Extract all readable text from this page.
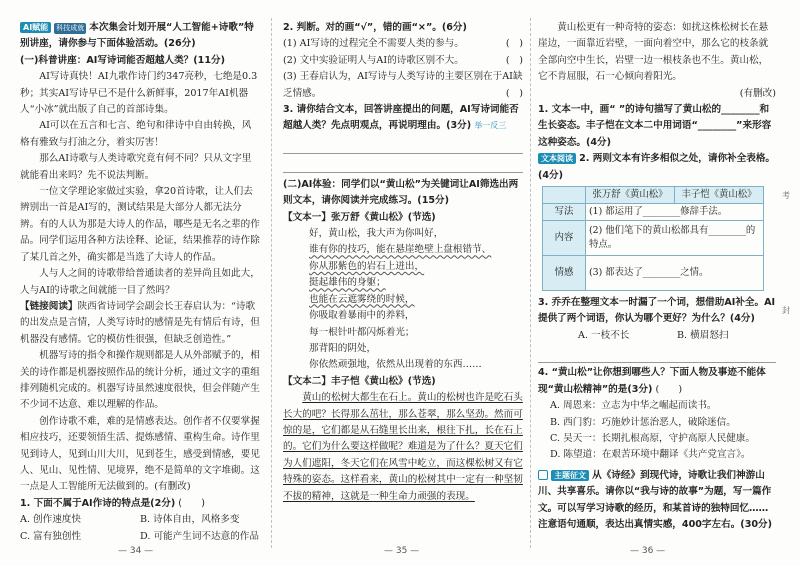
AI赋能 科技成就 本次集会计划开展“人工智能+诗歌”特别讲座，请你参与下面体验活动。(26分)

(一)科普讲座：AI写诗词能否超越人类？(11分)

AI写诗真快！AI九歌作诗门约347亮秒，七绝是0.3秒；其实AI写诗早已不是什么新鲜事，2017年AI机器人“小冰”就出版了自己的首部诗集。

AI可以在五言和七言、绝句和律诗中自由转换，风格有雅致与打油之分，着实厉害！

那么AI诗歌与人类诗歌究竟有何不同？只从文字里就能看出来吗？先不说法判断。

一位文学理论家做过实验，拿20首诗歌，让人们去辨别出一首是AI写的，测试结果是大部分人都无法分辨。有的人认为那是大诗人的作品，哪些是无名之辈的作品。同学们运用各种方法诠释、论证，结果推荐的诗作除了某几首之外，确实都是当选了大诗人的作品。

人与人之间的诗歌带给普通读者的差异尚且如此大，人与AI的诗歌之间就能一目了然吗？

【链接阅读】陕西省诗词学会副会长王春启认为：“诗歌的出发点是言情，人类写诗时的感情是先有情后有诗，但机器没有感情。它的模仿性很强，但缺乏创造性。”

机器写诗的指令和操作规则都是人从外部赋予的，相关的诗作都是机器按照作品的统计分析，通过文字的重组排列随机完成的。机器写诗虽然速度很快，但会伴随产生不少词不达意、难以理解的作品。

创作诗歌不难，难的是情感表达。创作者不仅要掌握相应技巧，还要领悟生活、提炼感情、重构生命。诗作里见到诗人，见到山川大川，见到苍生，感受到情感，要见人、见山、见性情、见境界，绝不是简单的文字堆砌。这一点是人工智能所无法做到的。(有删改)

1. 下面不属于AI作诗的特点是(2分) (　　)

A. 创作速度快	B. 诗体自由，风格多变
C. 富有独创性	D. 可能产生词不达意的作品
— 34 —

2. 判断。对的画“√”，错的画“×”。(6分)

(1) AI写诗的过程完全不需要人类的参与。	(　)

(2) 文中实验证明人与AI的诗歌区别不大。	(　)

(3) 王春启认为，AI写诗与人类写诗的主要区别在于AI缺乏情感。	(　)

3. 请你结合文本，回答讲座提出的问题，AI写诗词能否超越人类？先点明观点，再说明理由。(3分) 举一反三

(二)AI体验：同学们以“黄山松”为关键词让AI筛选出两则文本，请你阅读并完成练习。(15分)

【文本一】张万舒《黄山松》(节选)

好，黄山松，我大声为你叫好，

谁有你的技巧，能在悬崖绝壁上盘根错节、

你从那紫色的岩石上迸出，

挺起雄伟的身躯；

也能在云遮雾绕的时候，

你吸取着暴雨中的养料，

每一根针叶都闪烁着光；

那背阳的阴处，

你依然顽强地，依然从出现着的东西……

【文本二】丰子恺《黄山松》(节选)

黄山的松树大都生在石上。黄山的松树也许是吃石头长大的吧？长得那么茁壮，那么苍翠，那么坚劲。然而可惊的是，它们都是从石缝里长出来，根往下扎，长在石上的。它们为什么要这样做呢？难道是为了什么？夏天它们为人们遮阳，冬天它们在风雪中屹立，而这棵松树又有它特殊的姿态。这样看来，黄山的松树其中一定有一种坚韧不拔的精神，这就是一种生命力顽强的表现。

— 35 —

黄山松更有一种奇特的姿态：如扰这株松树长在悬崖边，一面靠近岩壁，一面向着空中，那么它的枝条就全部向空中生长，岩壁一边一根枝条也不生。黄山松，它不肯屈服，石一心倾向着阳光。

(有删改)

1. 文本一中，画“ ”的诗句描写了黄山松的________和生长姿态。丰子恺在文本二中用词语“________”来形容这种姿态。(4分)

文本阅读 2. 两则文本有许多相似之处，请你补全表格。(4分)

	张万舒《黄山松》	丰子恺《黄山松》
写法	(1) 都运用了________修辞手法。	
内容	(2) 他们笔下的黄山松都具有________的特点。	
情感	(3) 都表达了________之情。	

3. 乔乔在整理文本一时漏了一个词，想借助AI补全。AI提供了两个词语，你认为哪个更好？为什么？(4分)

A. 一枝不长	B. 横眉怒扫

4. “黄山松”让你想到哪些人？下面人物及事迹不能体现“黄山松精神”的是(3分) (　　)

A. 周恩来：立志为中华之崛起而读书。

B. 西门豹：巧施妙计惩治恶人，破除迷信。

C. 吴天一：长期扎根高原，守护高原人民健康。

D. 陈望道：在艰苦环境中翻译《共产党宣言》。

主题征文 从《诗经》到现代诗，诗歌让我们神游山川、共享喜乐。请你以“我与诗的故事”为题，写一篇作文。可以写学习诗歌的经历，和某首诗的独特回忆……注意语句通顺，表达出真情实感，400字左右。(30分)

— 36 —
考
封
